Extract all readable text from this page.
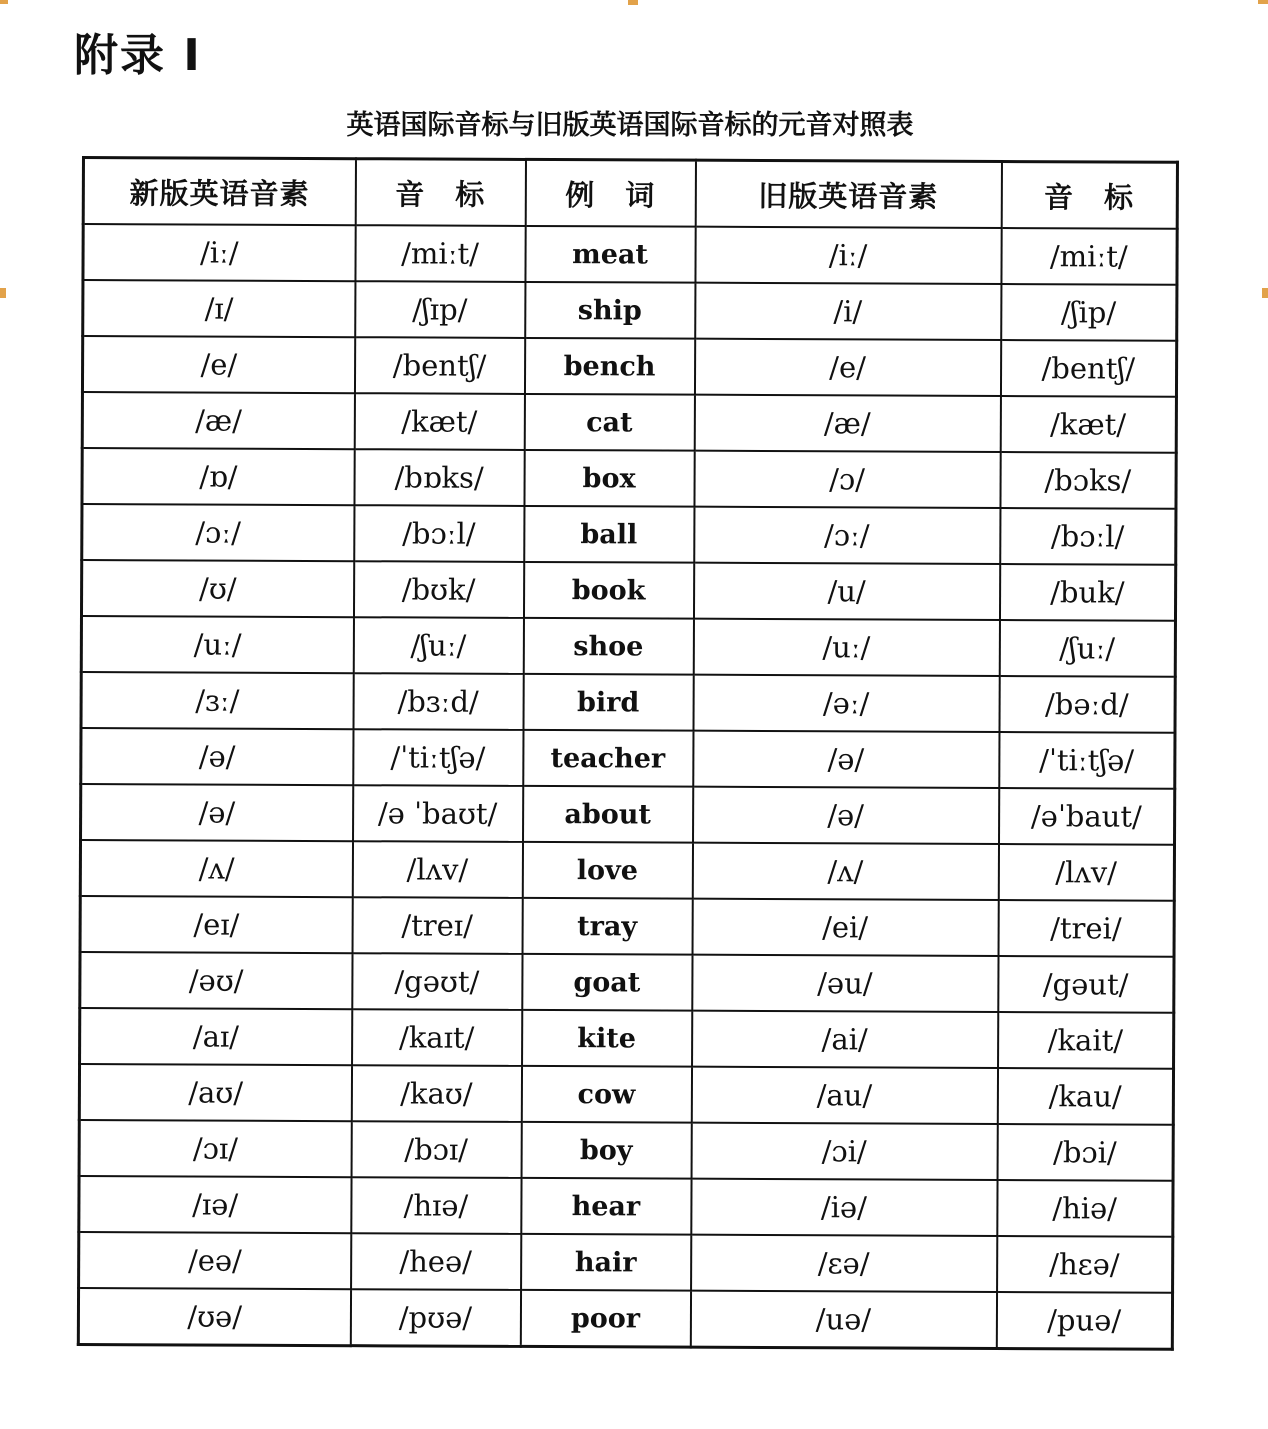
附录 I
英语国际音标与旧版英语国际音标的元音对照表
新版英语音素	音　标	例　词	旧版英语音素	音　标
/iː/	/miːt/	meat	/iː/	/miːt/
/ɪ/	/ʃɪp/	ship	/i/	/ʃip/
/e/	/bentʃ/	bench	/e/	/bentʃ/
/æ/	/kæt/	cat	/æ/	/kæt/
/ɒ/	/bɒks/	box	/ɔ/	/bɔks/
/ɔː/	/bɔːl/	ball	/ɔː/	/bɔːl/
/ʊ/	/bʊk/	book	/u/	/buk/
/uː/	/ʃuː/	shoe	/uː/	/ʃuː/
/ɜː/	/bɜːd/	bird	/əː/	/bəːd/
/ə/	/ˈtiːtʃə/	teacher	/ə/	/ˈtiːtʃə/
/ə/	/ə ˈbaʊt/	about	/ə/	/əˈbaut/
/ʌ/	/lʌv/	love	/ʌ/	/lʌv/
/eɪ/	/treɪ/	tray	/ei/	/trei/
/əʊ/	/gəʊt/	goat	/əu/	/gəut/
/aɪ/	/kaɪt/	kite	/ai/	/kait/
/aʊ/	/kaʊ/	cow	/au/	/kau/
/ɔɪ/	/bɔɪ/	boy	/ɔi/	/bɔi/
/ɪə/	/hɪə/	hear	/iə/	/hiə/
/eə/	/heə/	hair	/ɛə/	/hɛə/
/ʊə/	/pʊə/	poor	/uə/	/puə/
